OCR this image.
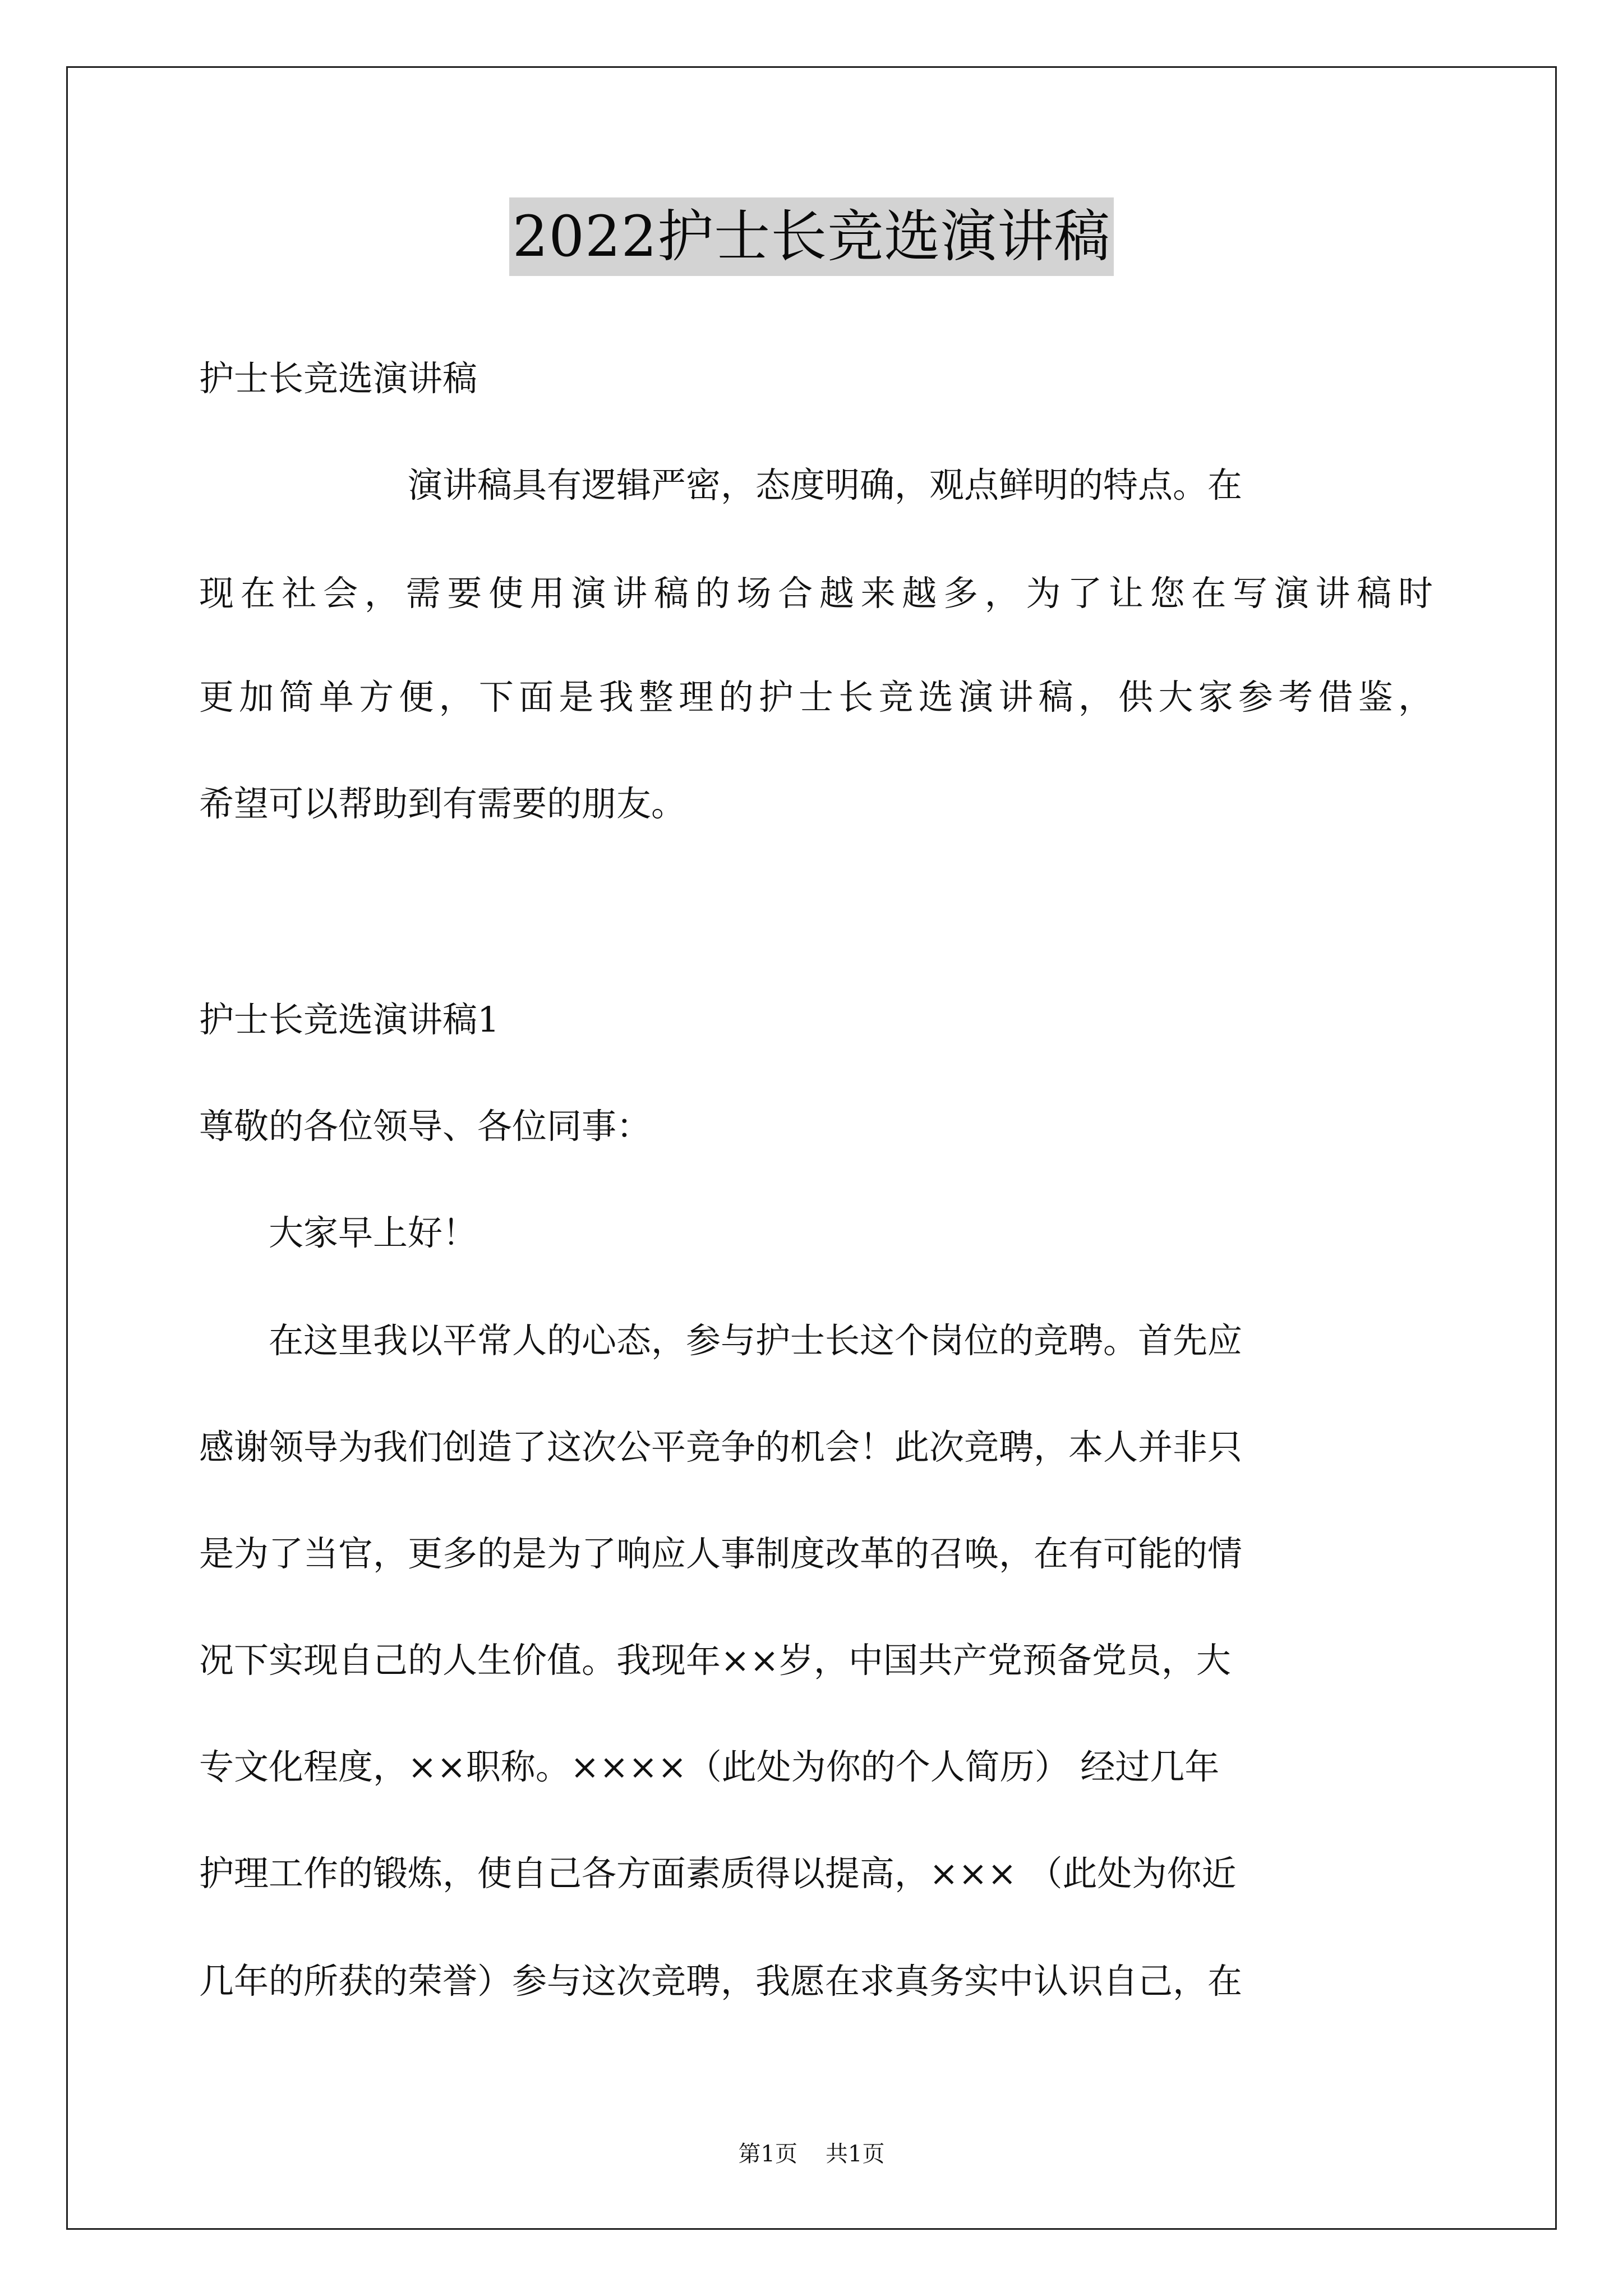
2022护士长竞选演讲稿
护士长竞选演讲稿
　　　　　　演讲稿具有逻辑严密，态度明确，观点鲜明的特点。在
现在社会，需要使用演讲稿的场合越来越多，为了让您在写演讲稿时
更加简单方便，下面是我整理的护士长竞选演讲稿，供大家参考借鉴，
希望可以帮助到有需要的朋友。
护士长竞选演讲稿1
尊敬的各位领导、各位同事：
　　大家早上好！
　　在这里我以平常人的心态，参与护士长这个岗位的竞聘。首先应
感谢领导为我们创造了这次公平竞争的机会！此次竞聘，本人并非只
是为了当官，更多的是为了响应人事制度改革的召唤，在有可能的情
况下实现自己的人生价值。我现年××岁，中国共产党预备党员，大
专文化程度，××职称。××××（此处为你的个人简历） 经过几年
护理工作的锻炼，使自己各方面素质得以提高，××× （此处为你近
几年的所获的荣誉）参与这次竞聘，我愿在求真务实中认识自己，在
第1页 共1页
